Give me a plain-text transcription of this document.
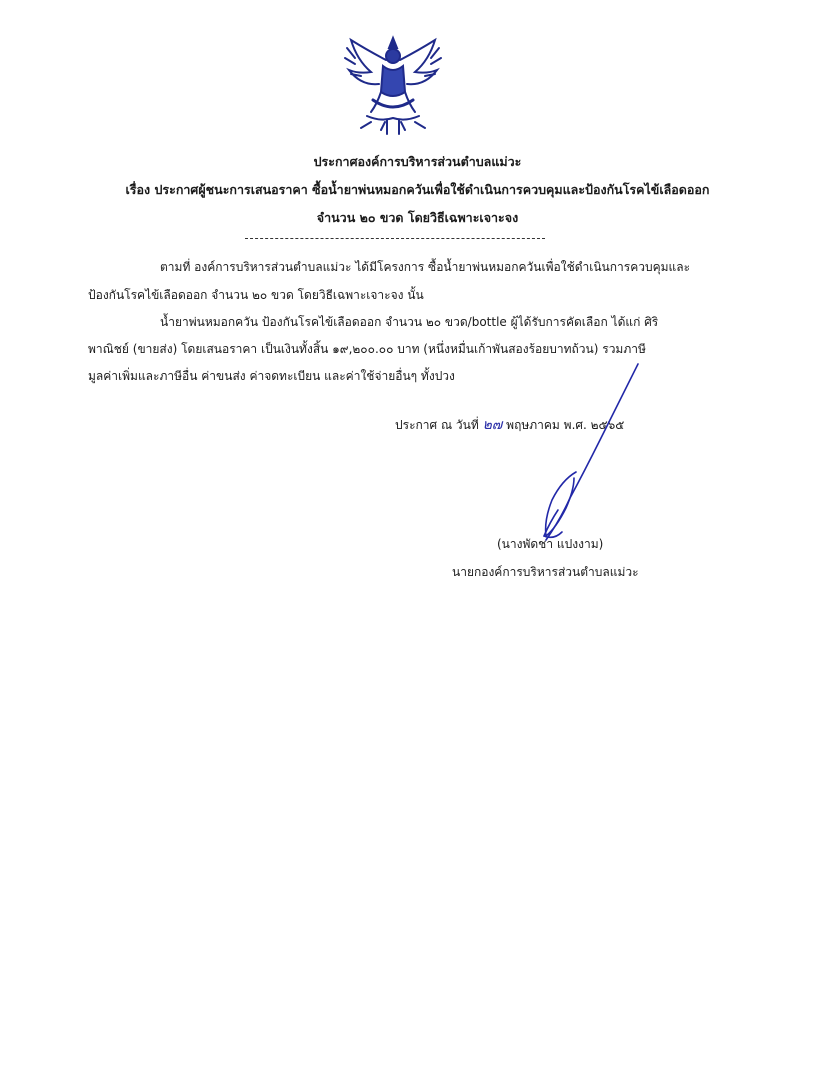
ประกาศองค์การบริหารส่วนตำบลแม่วะ
เรื่อง ประกาศผู้ชนะการเสนอราคา ซื้อน้ำยาพ่นหมอกควันเพื่อใช้ดำเนินการควบคุมและป้องกันโรคไข้เลือดออก
จำนวน ๒๐ ขวด โดยวิธีเฉพาะเจาะจง
ตามที่ องค์การบริหารส่วนตำบลแม่วะ ได้มีโครงการ ซื้อน้ำยาพ่นหมอกควันเพื่อใช้ดำเนินการควบคุมและ
ป้องกันโรคไข้เลือดออก จำนวน ๒๐ ขวด โดยวิธีเฉพาะเจาะจง นั้น
น้ำยาพ่นหมอกควัน ป้องกันโรคไข้เลือดออก จำนวน ๒๐ ขวด/bottle ผู้ได้รับการคัดเลือก ได้แก่ ศิริ
พาณิชย์ (ขายส่ง) โดยเสนอราคา เป็นเงินทั้งสิ้น ๑๙,๒๐๐.๐๐ บาท (หนึ่งหมื่นเก้าพันสองร้อยบาทถ้วน) รวมภาษี
มูลค่าเพิ่มและภาษีอื่น ค่าขนส่ง ค่าจดทะเบียน และค่าใช้จ่ายอื่นๆ ทั้งปวง
ประกาศ ณ วันที่ ๒๗ พฤษภาคม พ.ศ. ๒๕๖๕
(นางพัดชา แปงงาม)
นายกองค์การบริหารส่วนตำบลแม่วะ
